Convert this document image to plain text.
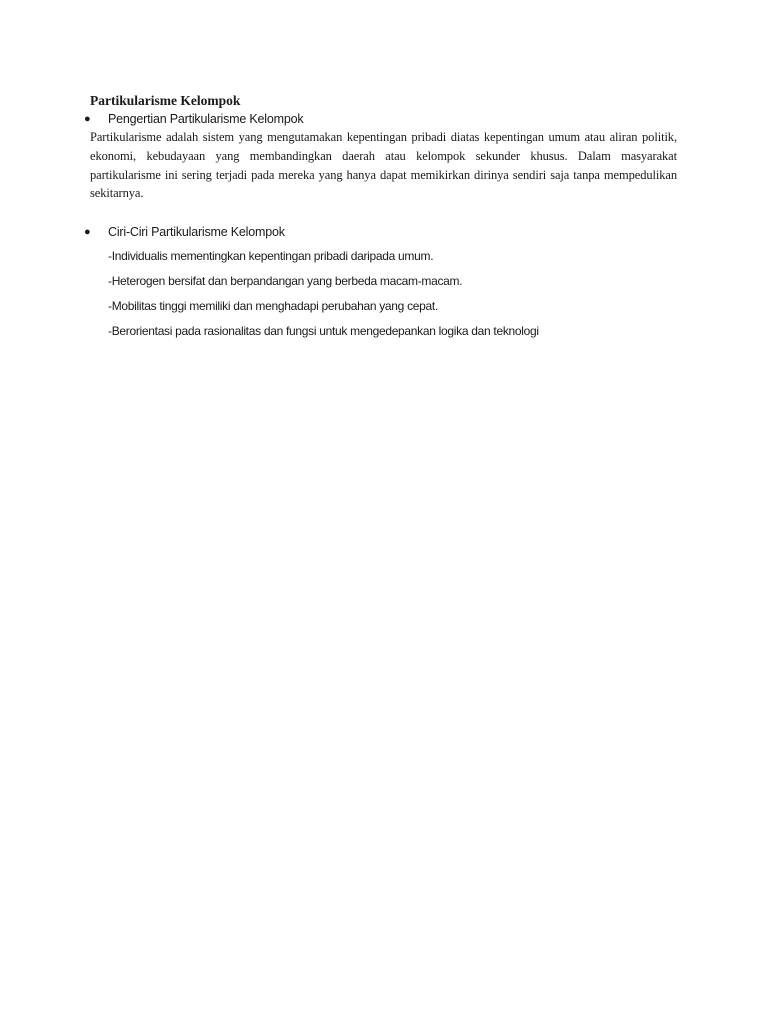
Partikularisme Kelompok
●	Pengertian Partikularisme Kelompok

Partikularisme adalah sistem yang mengutamakan kepentingan pribadi diatas kepentingan umum atau aliran politik, ekonomi, kebudayaan yang membandingkan daerah atau kelompok sekunder khusus. Dalam masyarakat partikularisme ini sering terjadi pada mereka yang hanya dapat memikirkan dirinya sendiri saja tanpa mempedulikan sekitarnya.

●	Ciri-Ciri Partikularisme Kelompok

-Individualis mementingkan kepentingan pribadi daripada umum.

-Heterogen bersifat dan berpandangan yang berbeda macam-macam.

-Mobilitas tinggi memiliki dan menghadapi perubahan yang cepat.

-Berorientasi pada rasionalitas dan fungsi untuk mengedepankan logika dan teknologi
